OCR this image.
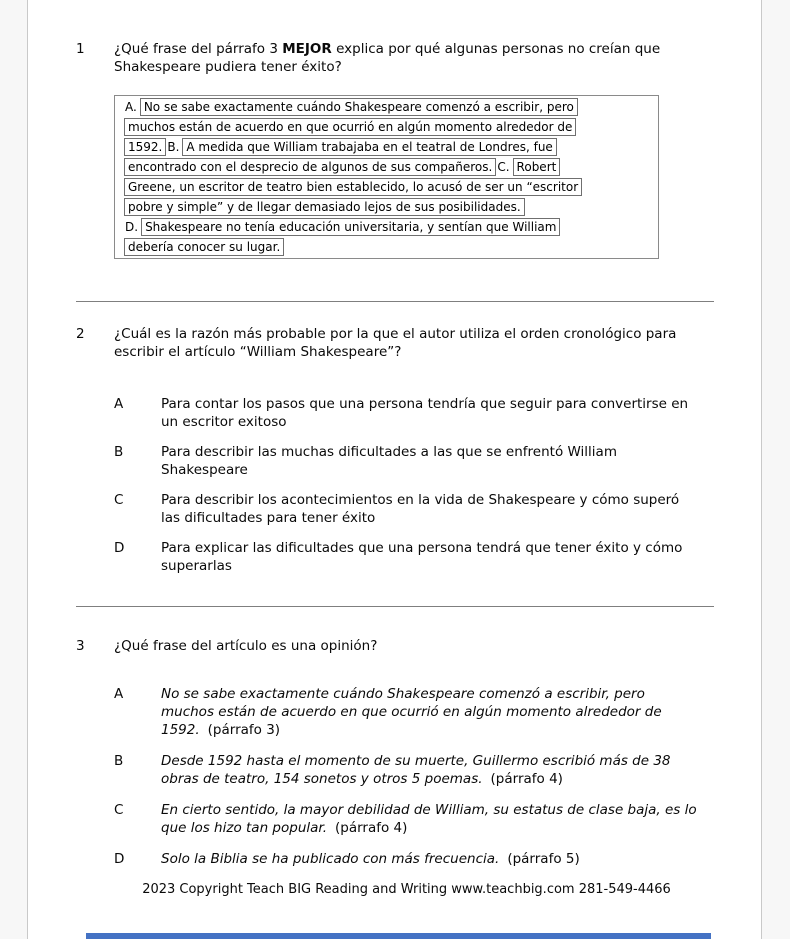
1	¿Qué frase del párrafo 3 MEJOR explica por qué algunas personas no creían que Shakespeare pudiera tener éxito?
A. No se sabe exactamente cuándo Shakespeare comenzó a escribir, pero
muchos están de acuerdo en que ocurrió en algún momento alrededor de
1592. B. A medida que William trabajaba en el teatral de Londres, fue
encontrado con el desprecio de algunos de sus compañeros. C. Robert
Greene, un escritor de teatro bien establecido, lo acusó de ser un “escritor
pobre y simple” y de llegar demasiado lejos de sus posibilidades.
D. Shakespeare no tenía educación universitaria, y sentían que William
debería conocer su lugar.
2	¿Cuál es la razón más probable por la que el autor utiliza el orden cronológico para escribir el artículo “William Shakespeare”?
A	Para contar los pasos que una persona tendría que seguir para convertirse en un escritor exitoso
B	Para describir las muchas dificultades a las que se enfrentó William Shakespeare
C	Para describir los acontecimientos en la vida de Shakespeare y cómo superó las dificultades para tener éxito
D	Para explicar las dificultades que una persona tendrá que tener éxito y cómo superarlas
3	¿Qué frase del artículo es una opinión?
A	No se sabe exactamente cuándo Shakespeare comenzó a escribir, pero muchos están de acuerdo en que ocurrió en algún momento alrededor de 1592. (párrafo 3)
B	Desde 1592 hasta el momento de su muerte, Guillermo escribió más de 38 obras de teatro, 154 sonetos y otros 5 poemas. (párrafo 4)
C	En cierto sentido, la mayor debilidad de William, su estatus de clase baja, es lo que los hizo tan popular. (párrafo 4)
D	Solo la Biblia se ha publicado con más frecuencia. (párrafo 5)
2023 Copyright Teach BIG Reading and Writing www.teachbig.com 281-549-4466
